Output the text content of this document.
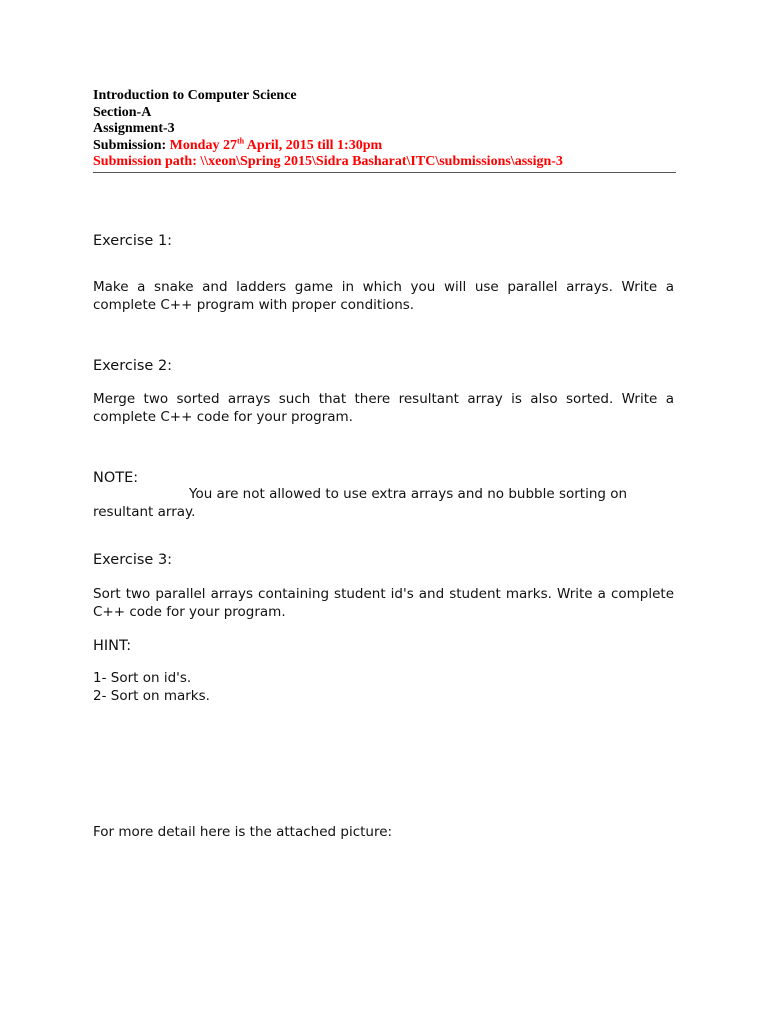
Introduction to Computer Science
Section-A
Assignment-3
Submission: Monday 27th April, 2015 till 1:30pm
Submission path: \\xeon\Spring 2015\Sidra Basharat\ITC\submissions\assign-3
Exercise 1:
Make a snake and ladders game in which you will use parallel arrays. Write a complete C++ program with proper conditions.
Exercise 2:
Merge two sorted arrays such that there resultant array is also sorted. Write a complete C++ code for your program.
NOTE:
You are not allowed to use extra arrays and no bubble sorting on
resultant array.
Exercise 3:
Sort two parallel arrays containing student id's and student marks. Write a complete C++ code for your program.
HINT:
1- Sort on id's.
2- Sort on marks.
For more detail here is the attached picture:
